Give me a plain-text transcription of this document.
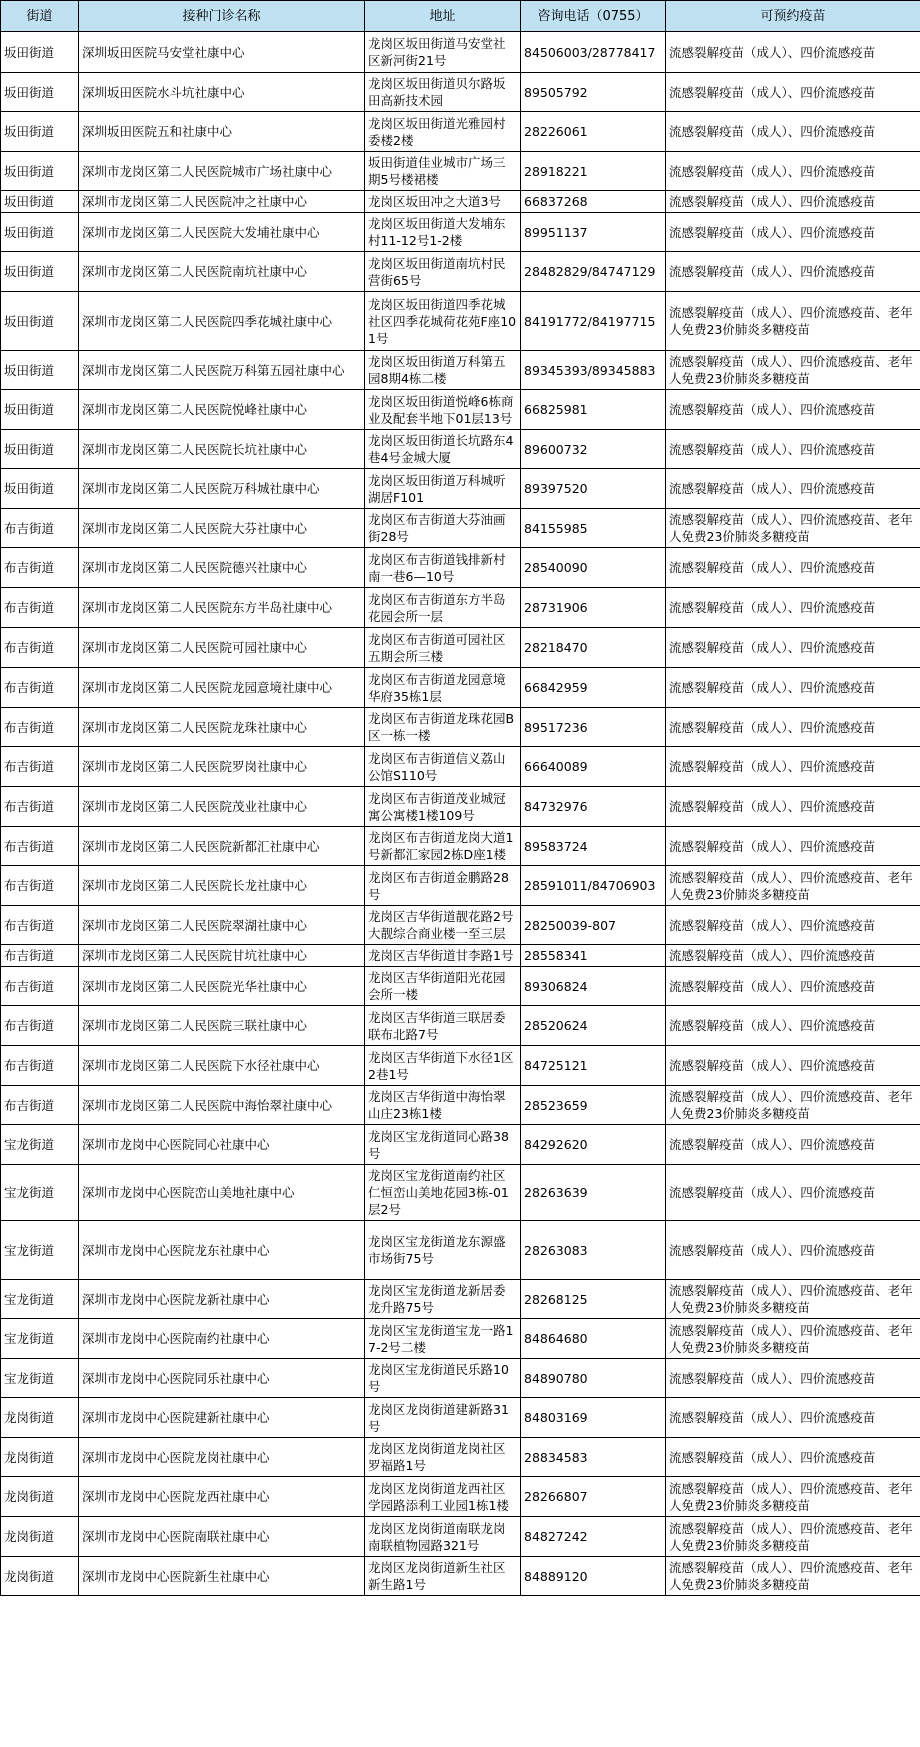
街道	接种门诊名称	地址	咨询电话（0755）	可预约疫苗
坂田街道	深圳坂田医院马安堂社康中心	龙岗区坂田街道马安堂社区新河街21号	84506003/28778417	流感裂解疫苗（成人）、四价流感疫苗
坂田街道	深圳坂田医院水斗坑社康中心	龙岗区坂田街道贝尔路坂田高新技术园	89505792	流感裂解疫苗（成人）、四价流感疫苗
坂田街道	深圳坂田医院五和社康中心	龙岗区坂田街道光雅园村委楼2楼	28226061	流感裂解疫苗（成人）、四价流感疫苗
坂田街道	深圳市龙岗区第二人民医院城市广场社康中心	坂田街道佳业城市广场三期5号楼裙楼	28918221	流感裂解疫苗（成人）、四价流感疫苗
坂田街道	深圳市龙岗区第二人民医院冲之社康中心	龙岗区坂田冲之大道3号	66837268	流感裂解疫苗（成人）、四价流感疫苗
坂田街道	深圳市龙岗区第二人民医院大发埔社康中心	龙岗区坂田街道大发埔东村11-12号1-2楼	89951137	流感裂解疫苗（成人）、四价流感疫苗
坂田街道	深圳市龙岗区第二人民医院南坑社康中心	龙岗区坂田街道南坑村民营街65号	28482829/84747129	流感裂解疫苗（成人）、四价流感疫苗
坂田街道	深圳市龙岗区第二人民医院四季花城社康中心	龙岗区坂田街道四季花城社区四季花城荷花苑F座101号	84191772/84197715	流感裂解疫苗（成人）、四价流感疫苗、老年人免费23价肺炎多糖疫苗
坂田街道	深圳市龙岗区第二人民医院万科第五园社康中心	龙岗区坂田街道万科第五园8期4栋二楼	89345393/89345883	流感裂解疫苗（成人）、四价流感疫苗、老年人免费23价肺炎多糖疫苗
坂田街道	深圳市龙岗区第二人民医院悦峰社康中心	龙岗区坂田街道悦峰6栋商业及配套半地下01层13号	66825981	流感裂解疫苗（成人）、四价流感疫苗
坂田街道	深圳市龙岗区第二人民医院长坑社康中心	龙岗区坂田街道长坑路东4巷4号金城大厦	89600732	流感裂解疫苗（成人）、四价流感疫苗
坂田街道	深圳市龙岗区第二人民医院万科城社康中心	龙岗区坂田街道万科城听湖居F101	89397520	流感裂解疫苗（成人）、四价流感疫苗
布吉街道	深圳市龙岗区第二人民医院大芬社康中心	龙岗区布吉街道大芬油画街28号	84155985	流感裂解疫苗（成人）、四价流感疫苗、老年人免费23价肺炎多糖疫苗
布吉街道	深圳市龙岗区第二人民医院德兴社康中心	龙岗区布吉街道钱排新村南一巷6—10号	28540090	流感裂解疫苗（成人）、四价流感疫苗
布吉街道	深圳市龙岗区第二人民医院东方半岛社康中心	龙岗区布吉街道东方半岛花园会所一层	28731906	流感裂解疫苗（成人）、四价流感疫苗
布吉街道	深圳市龙岗区第二人民医院可园社康中心	龙岗区布吉街道可园社区五期会所三楼	28218470	流感裂解疫苗（成人）、四价流感疫苗
布吉街道	深圳市龙岗区第二人民医院龙园意境社康中心	龙岗区布吉街道龙园意境华府35栋1层	66842959	流感裂解疫苗（成人）、四价流感疫苗
布吉街道	深圳市龙岗区第二人民医院龙珠社康中心	龙岗区布吉街道龙珠花园B区一栋一楼	89517236	流感裂解疫苗（成人）、四价流感疫苗
布吉街道	深圳市龙岗区第二人民医院罗岗社康中心	龙岗区布吉街道信义荔山公馆S110号	66640089	流感裂解疫苗（成人）、四价流感疫苗
布吉街道	深圳市龙岗区第二人民医院茂业社康中心	龙岗区布吉街道茂业城冠寓公寓楼1楼109号	84732976	流感裂解疫苗（成人）、四价流感疫苗
布吉街道	深圳市龙岗区第二人民医院新都汇社康中心	龙岗区布吉街道龙岗大道1号新都汇家园2栋D座1楼	89583724	流感裂解疫苗（成人）、四价流感疫苗
布吉街道	深圳市龙岗区第二人民医院长龙社康中心	龙岗区布吉街道金鹏路28号	28591011/84706903	流感裂解疫苗（成人）、四价流感疫苗、老年人免费23价肺炎多糖疫苗
布吉街道	深圳市龙岗区第二人民医院翠湖社康中心	龙岗区吉华街道靓花路2号大靓综合商业楼一至三层	28250039-807	流感裂解疫苗（成人）、四价流感疫苗
布吉街道	深圳市龙岗区第二人民医院甘坑社康中心	龙岗区吉华街道甘李路1号	28558341	流感裂解疫苗（成人）、四价流感疫苗
布吉街道	深圳市龙岗区第二人民医院光华社康中心	龙岗区吉华街道阳光花园会所一楼	89306824	流感裂解疫苗（成人）、四价流感疫苗
布吉街道	深圳市龙岗区第二人民医院三联社康中心	龙岗区吉华街道三联居委联布北路7号	28520624	流感裂解疫苗（成人）、四价流感疫苗
布吉街道	深圳市龙岗区第二人民医院下水径社康中心	龙岗区吉华街道下水径1区2巷1号	84725121	流感裂解疫苗（成人）、四价流感疫苗
布吉街道	深圳市龙岗区第二人民医院中海怡翠社康中心	龙岗区吉华街道中海怡翠山庄23栋1楼	28523659	流感裂解疫苗（成人）、四价流感疫苗、老年人免费23价肺炎多糖疫苗
宝龙街道	深圳市龙岗中心医院同心社康中心	龙岗区宝龙街道同心路38号	84292620	流感裂解疫苗（成人）、四价流感疫苗
宝龙街道	深圳市龙岗中心医院峦山美地社康中心	龙岗区宝龙街道南约社区仁恒峦山美地花园3栋-01层2号	28263639	流感裂解疫苗（成人）、四价流感疫苗
宝龙街道	深圳市龙岗中心医院龙东社康中心	龙岗区宝龙街道龙东源盛市场街75号	28263083	流感裂解疫苗（成人）、四价流感疫苗
宝龙街道	深圳市龙岗中心医院龙新社康中心	龙岗区宝龙街道龙新居委龙升路75号	28268125	流感裂解疫苗（成人）、四价流感疫苗、老年人免费23价肺炎多糖疫苗
宝龙街道	深圳市龙岗中心医院南约社康中心	龙岗区宝龙街道宝龙一路17-2号二楼	84864680	流感裂解疫苗（成人）、四价流感疫苗、老年人免费23价肺炎多糖疫苗
宝龙街道	深圳市龙岗中心医院同乐社康中心	龙岗区宝龙街道民乐路10号	84890780	流感裂解疫苗（成人）、四价流感疫苗
龙岗街道	深圳市龙岗中心医院建新社康中心	龙岗区龙岗街道建新路31号	84803169	流感裂解疫苗（成人）、四价流感疫苗
龙岗街道	深圳市龙岗中心医院龙岗社康中心	龙岗区龙岗街道龙岗社区罗福路1号	28834583	流感裂解疫苗（成人）、四价流感疫苗
龙岗街道	深圳市龙岗中心医院龙西社康中心	龙岗区龙岗街道龙西社区学园路添利工业园1栋1楼	28266807	流感裂解疫苗（成人）、四价流感疫苗、老年人免费23价肺炎多糖疫苗
龙岗街道	深圳市龙岗中心医院南联社康中心	龙岗区龙岗街道南联龙岗南联植物园路321号	84827242	流感裂解疫苗（成人）、四价流感疫苗、老年人免费23价肺炎多糖疫苗
龙岗街道	深圳市龙岗中心医院新生社康中心	龙岗区龙岗街道新生社区新生路1号	84889120	流感裂解疫苗（成人）、四价流感疫苗、老年人免费23价肺炎多糖疫苗
